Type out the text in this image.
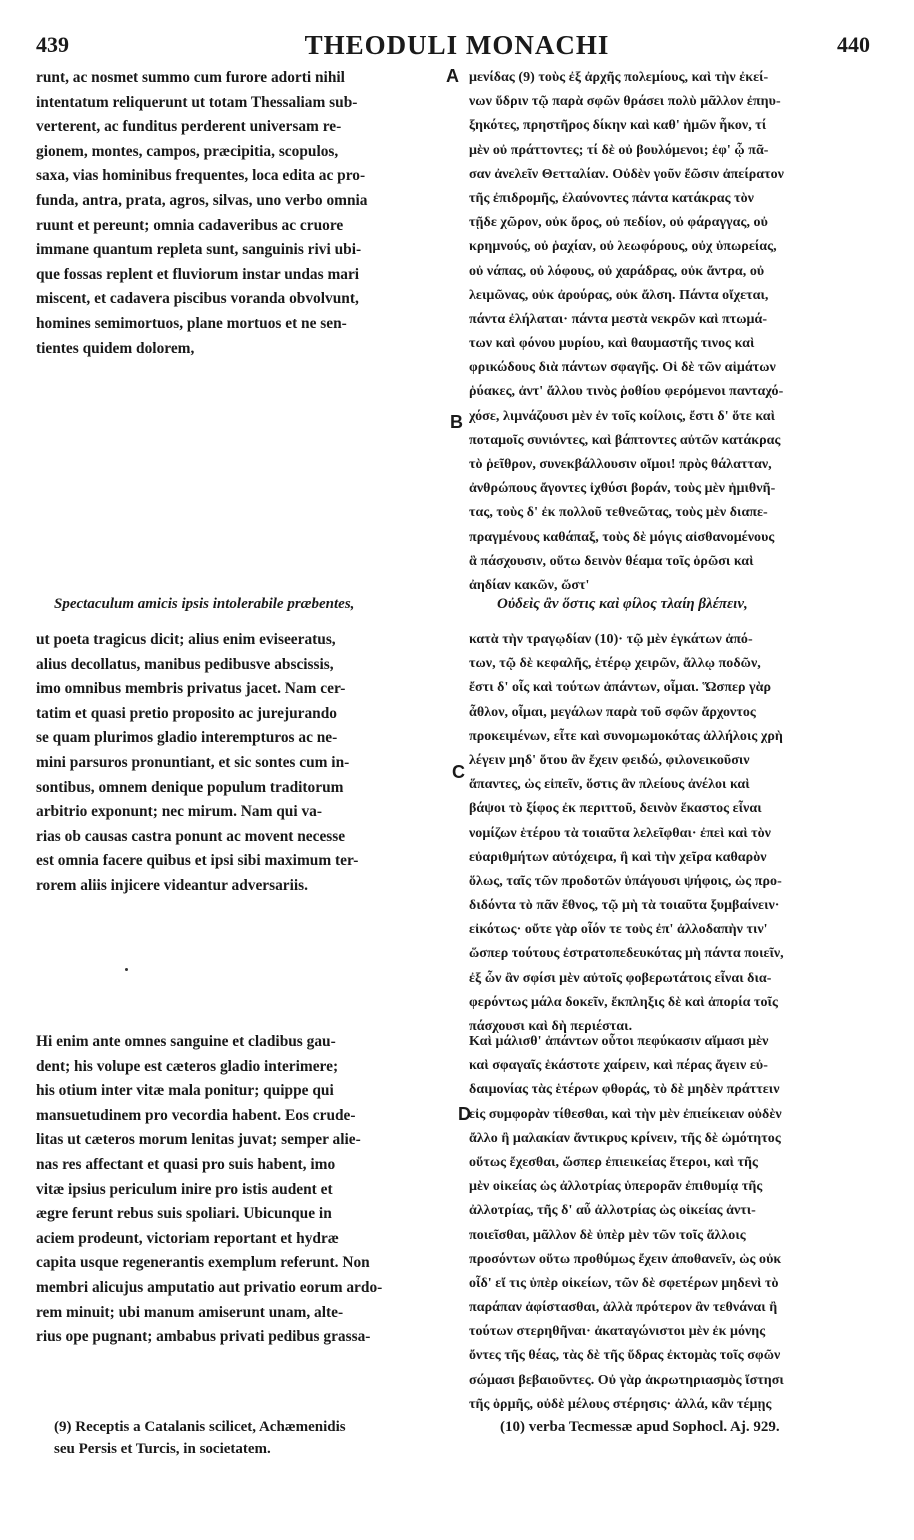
439	THEODULI MONACHI	440
A
B
C
D
runt, ac nosmet summo cum furore adorti nihil
intentatum reliquerunt ut totam Thessaliam sub-
verterent, ac funditus perderent universam re-
gionem, montes, campos, præcipitia, scopulos,
saxa, vias hominibus frequentes, loca edita ac pro-
funda, antra, prata, agros, silvas, uno verbo omnia
ruunt et pereunt; omnia cadaveribus ac cruore
immane quantum repleta sunt, sanguinis rivi ubi-
que fossas replent et fluviorum instar undas mari
miscent, et cadavera piscibus voranda obvolvunt,
homines semimortuos, plane mortuos et ne sen-
tientes quidem dolorem,
Spectaculum amicis ipsis intolerabile præbentes,
ut poeta tragicus dicit; alius enim eviseeratus,
alius decollatus, manibus pedibusve abscissis,
imo omnibus membris privatus jacet. Nam cer-
tatim et quasi pretio proposito ac jurejurando
se quam plurimos gladio interempturos ac ne-
mini parsuros pronuntiant, et sic sontes cum in-
sontibus, omnem denique populum traditorum
arbitrio exponunt; nec mirum. Nam qui va-
rias ob causas castra ponunt ac movent necesse
est omnia facere quibus et ipsi sibi maximum ter-
rorem aliis injicere videantur adversariis.
Hi enim ante omnes sanguine et cladibus gau-
dent; his volupe est cæteros gladio interimere;
his otium inter vitæ mala ponitur; quippe qui
mansuetudinem pro vecordia habent. Eos crude-
litas ut cæteros morum lenitas juvat; semper alie-
nas res affectant et quasi pro suis habent, imo
vitæ ipsius periculum inire pro istis audent et
ægre ferunt rebus suis spoliari. Ubicunque in
aciem prodeunt, victoriam reportant et hydræ
capita usque regenerantis exemplum referunt. Non
membri alicujus amputatio aut privatio eorum ardo-
rem minuit; ubi manum amiserunt unam, alte-
rius ope pugnant; ambabus privati pedibus grassa-
μενίδας (9) τοὺς ἐξ ἀρχῆς πολεμίους, καὶ τὴν ἐκεί-
νων ὕδριν τῷ παρὰ σφῶν θράσει πολὺ μᾶλλον ἐπηυ-
ξηκότες, πρηστῆρος δίκην καὶ καθ' ἡμῶν ἧκον, τί
μὲν οὐ πράττοντες; τί δὲ οὐ βουλόμενοι; ἐφ' ᾧ πᾶ-
σαν ἀνελεῖν Θετταλίαν. Οὐδὲν γοῦν ἔῶσιν ἀπείρατον
τῆς ἐπιδρομῆς, ἐλαύνοντες πάντα κατάκρας τὸν
τῇδε χῶρον, οὐκ ὄρος, οὐ πεδίον, οὐ φάραγγας, οὐ
κρημνούς, οὐ ῥαχίαν, οὐ λεωφόρους, οὐχ ὑπωρείας,
οὐ νάπας, οὐ λόφους, οὐ χαράδρας, οὐκ ἄντρα, οὐ
λειμῶνας, οὐκ ἀρούρας, οὐκ ἄλση. Πάντα οἴχεται,
πάντα ἐλήλαται· πάντα μεστὰ νεκρῶν καὶ πτωμά-
των καὶ φόνου μυρίου, καὶ θαυμαστῆς τινος καὶ
φρικώδους διὰ πάντων σφαγῆς. Οἱ δὲ τῶν αἱμάτων
ῥύακες, ἀντ' ἄλλου τινὸς ῥοθίου φερόμενοι πανταχό-
χόσε, λιμνάζουσι μὲν ἐν τοῖς κοίλοις, ἔστι δ' ὅτε καὶ
ποταμοῖς συνιόντες, καὶ βάπτοντες αὐτῶν κατάκρας
τὸ ῥεῖθρον, συνεκβάλλουσιν οἴμοι! πρὸς θάλατταν,
ἀνθρώπους ἄγοντες ἰχθύσι βοράν, τοὺς μὲν ἡμιθνῆ-
τας, τοὺς δ' ἐκ πολλοῦ τεθνεῶτας, τοὺς μὲν διαπε-
πραγμένους καθάπαξ, τοὺς δὲ μόγις αἰσθανομένους
ἃ πάσχουσιν, οὕτω δεινὸν θέαμα τοῖς ὁρῶσι καὶ
ἀηδίαν κακῶν, ὥστ'
Οὐδεὶς ἂν ὅστις καὶ φίλος τλαίη βλέπειν,
κατὰ τὴν τραγῳδίαν (10)· τῷ μὲν ἐγκάτων ἀπό-
των, τῷ δὲ κεφαλῆς, ἑτέρῳ χειρῶν, ἄλλῳ ποδῶν,
ἔστι δ' οἷς καὶ τούτων ἁπάντων, οἶμαι. Ὥσπερ γὰρ
ἆθλον, οἶμαι, μεγάλων παρὰ τοῦ σφῶν ἄρχοντος
προκειμένων, εἶτε καὶ συνομωμοκότας ἀλλήλοις χρὴ
λέγειν μηδ' ὅτου ἂν ἔχειν φειδώ, φιλονεικοῦσιν
ἅπαντες, ὡς εἰπεῖν, ὅστις ἂν πλείους ἀνέλοι καὶ
βάψοι τὸ ξίφος ἐκ περιττοῦ, δεινὸν ἕκαστος εἶναι
νομίζων ἑτέρου τὰ τοιαῦτα λελεῖφθαι· ἐπεὶ καὶ τὸν
εὐαριθμήτων αὐτόχειρα, ἢ καὶ τὴν χεῖρα καθαρὸν
ὅλως, ταῖς τῶν προδοτῶν ὑπάγουσι ψήφοις, ὡς προ-
διδόντα τὸ πᾶν ἔθνος, τῷ μὴ τὰ τοιαῦτα ξυμβαίνειν·
εἰκότως· οὔτε γὰρ οἷόν τε τοὺς ἐπ' ἀλλοδαπὴν τιν'
ὥσπερ τούτους ἐστρατοπεδευκότας μὴ πάντα ποιεῖν,
ἐξ ὧν ἂν σφίσι μὲν αὐτοῖς φοβερωτάτοις εἶναι δια-
φερόντως μάλα δοκεῖν, ἔκπληξις δὲ καὶ ἀπορία τοῖς
πάσχουσι καὶ δὴ περιέσται.
Καὶ μάλισθ' ἁπάντων οὗτοι πεφύκασιν αἵμασι μὲν
καὶ σφαγαῖς ἑκάστοτε χαίρειν, καὶ πέρας ἄγειν εὐ-
δαιμονίας τὰς ἑτέρων φθοράς, τὸ δὲ μηδὲν πράττειν
εἰς συμφορὰν τίθεσθαι, καὶ τὴν μὲν ἐπιείκειαν οὐδὲν
ἄλλο ἢ μαλακίαν ἄντικρυς κρίνειν, τῆς δὲ ὠμότητος
οὕτως ἔχεσθαι, ὥσπερ ἐπιεικείας ἕτεροι, καὶ τῆς
μὲν οἰκείας ὡς ἀλλοτρίας ὑπερορᾶν ἐπιθυμίᾳ τῆς
ἀλλοτρίας, τῆς δ' αὖ ἀλλοτρίας ὡς οἰκείας ἀντι-
ποιεῖσθαι, μᾶλλον δὲ ὑπὲρ μὲν τῶν τοῖς ἄλλοις
προσόντων οὕτω προθύμως ἔχειν ἀποθανεῖν, ὡς οὐκ
οἶδ' εἴ τις ὑπὲρ οἰκείων, τῶν δὲ σφετέρων μηδενὶ τὸ
παράπαν ἀφίστασθαι, ἀλλὰ πρότερον ἂν τεθνάναι ἢ
τούτων στερηθῆναι· ἀκαταγώνιστοι μὲν ἐκ μόνης
ὄντες τῆς θέας, τὰς δὲ τῆς ὕδρας ἐκτομὰς τοῖς σφῶν
σώμασι βεβαιοῦντες. Οὐ γὰρ ἀκρωτηριασμὸς ἵστησι
τῆς ὁρμῆς, οὐδὲ μέλους στέρησις· ἀλλά, κἂν τέμῃς
(9) Receptis a Catalanis scilicet, Achæmenidis
seu Persis et Turcis, in societatem.
(10) verba Tecmessæ apud Sophocl. Aj. 929.
